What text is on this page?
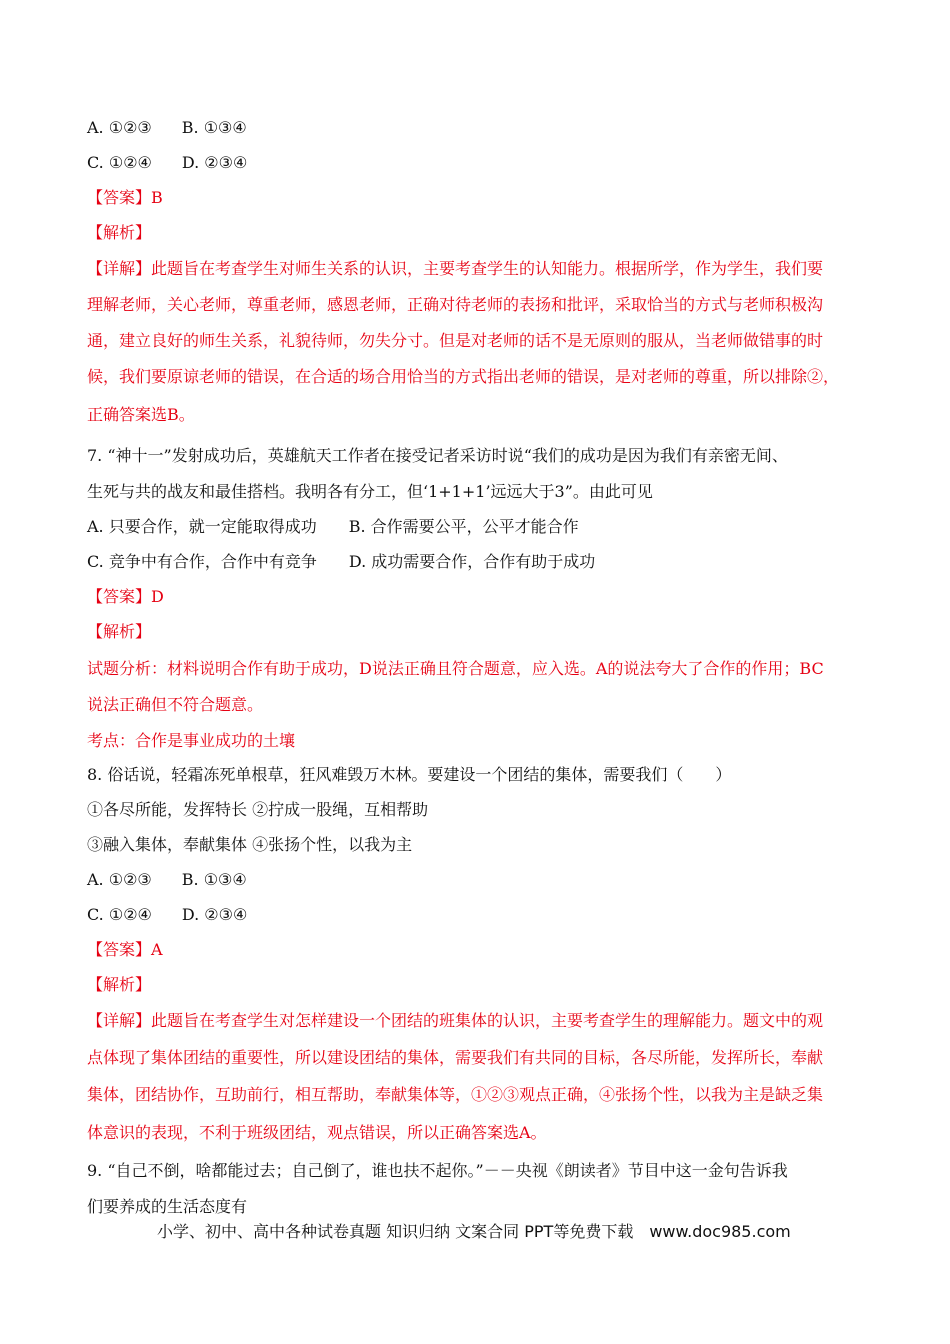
A. ①②③ B. ①③④
C. ①②④ D. ②③④
【答案】B
【解析】
【详解】此题旨在考查学生对师生关系的认识，主要考查学生的认知能力。根据所学，作为学生，我们要
理解老师，关心老师，尊重老师，感恩老师，正确对待老师的表扬和批评，采取恰当的方式与老师积极沟
通，建立良好的师生关系，礼貌待师，勿失分寸。但是对老师的话不是无原则的服从，当老师做错事的时
候，我们要原谅老师的错误，在合适的场合用恰当的方式指出老师的错误，是对老师的尊重，所以排除②，
正确答案选B。
7. “神十一”发射成功后，英雄航天工作者在接受记者采访时说“我们的成功是因为我们有亲密无间、
生死与共的战友和最佳搭档。我明各有分工，但‘1+1+1’远远大于3”。由此可见
A. 只要合作，就一定能取得成功 B. 合作需要公平，公平才能合作
C. 竞争中有合作，合作中有竞争 D. 成功需要合作，合作有助于成功
【答案】D
【解析】
试题分析：材料说明合作有助于成功，D说法正确且符合题意，应入选。A的说法夸大了合作的作用；BC
说法正确但不符合题意。
考点：合作是事业成功的土壤
8. 俗话说，轻霜冻死单根草，狂风难毁万木林。要建设一个团结的集体，需要我们（　　）
①各尽所能，发挥特长 ②拧成一股绳，互相帮助
③融入集体，奉献集体 ④张扬个性，以我为主
A. ①②③ B. ①③④
C. ①②④ D. ②③④
【答案】A
【解析】
【详解】此题旨在考查学生对怎样建设一个团结的班集体的认识，主要考查学生的理解能力。题文中的观
点体现了集体团结的重要性，所以建设团结的集体，需要我们有共同的目标，各尽所能，发挥所长，奉献
集体，团结协作，互助前行，相互帮助，奉献集体等，①②③观点正确，④张扬个性，以我为主是缺乏集
体意识的表现，不利于班级团结，观点错误，所以正确答案选A。
9. “自己不倒，啥都能过去；自己倒了，谁也扶不起你。”－－央视《朗读者》节目中这一金句告诉我
们要养成的生活态度有
小学、初中、高中各种试卷真题 知识归纳 文案合同 PPT等免费下载　www.doc985.com
